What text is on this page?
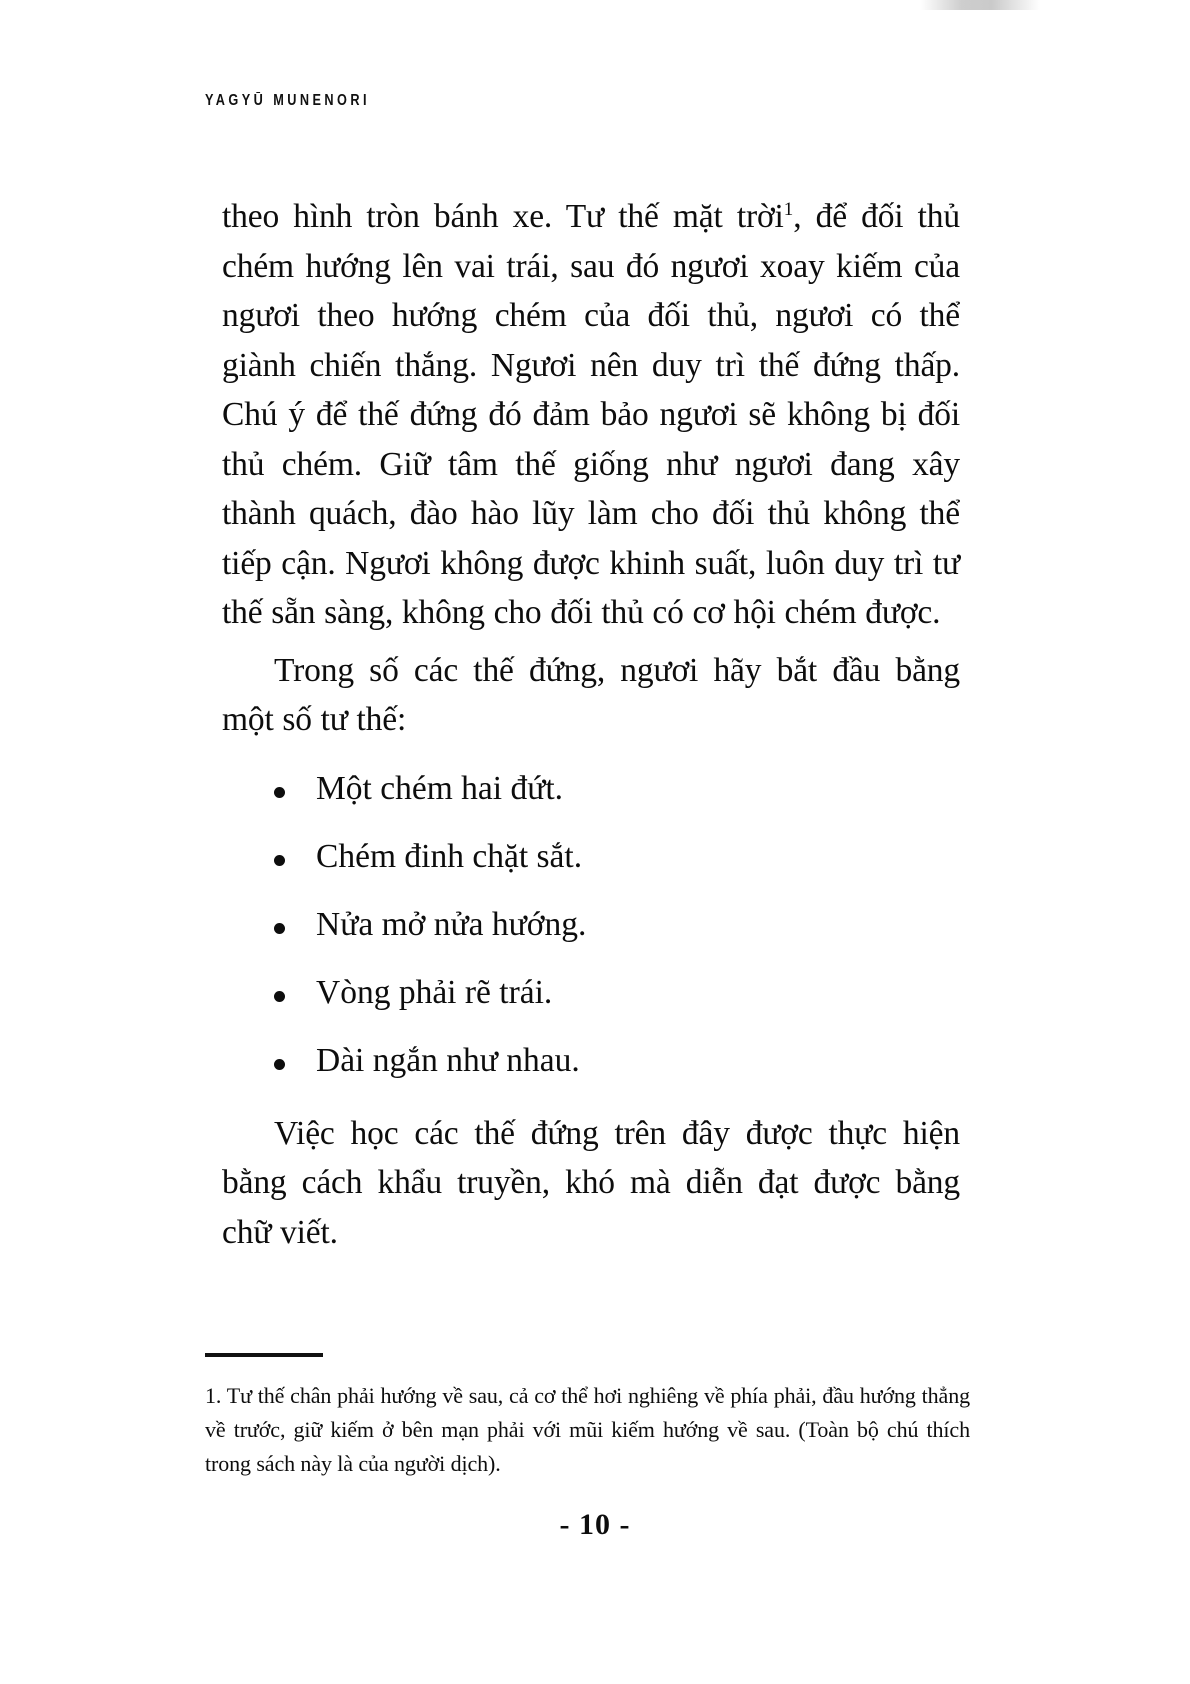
YAGYŪ MUNENORI

theo hình tròn bánh xe. Tư thế mặt trời$^1$, để đối thủ chém hướng lên vai trái, sau đó ngươi xoay kiếm của ngươi theo hướng chém của đối thủ, ngươi có thể giành chiến thắng. Ngươi nên duy trì thế đứng thấp. Chú ý để thế đứng đó đảm bảo ngươi sẽ không bị đối thủ chém. Giữ tâm thế giống như ngươi đang xây thành quách, đào hào lũy làm cho đối thủ không thể tiếp cận. Ngươi không được khinh suất, luôn duy trì tư thế sẵn sàng, không cho đối thủ có cơ hội chém được.

Trong số các thế đứng, ngươi hãy bắt đầu bằng một số tư thế:

Một chém hai đứt.
Chém đinh chặt sắt.
Nửa mở nửa hướng.
Vòng phải rẽ trái.
Dài ngắn như nhau.

Việc học các thế đứng trên đây được thực hiện bằng cách khẩu truyền, khó mà diễn đạt được bằng chữ viết.

1. Tư thế chân phải hướng về sau, cả cơ thể hơi nghiêng về phía phải, đầu hướng thẳng về trước, giữ kiếm ở bên mạn phải với mũi kiếm hướng về sau. (Toàn bộ chú thích trong sách này là của người dịch).

- 10 -
